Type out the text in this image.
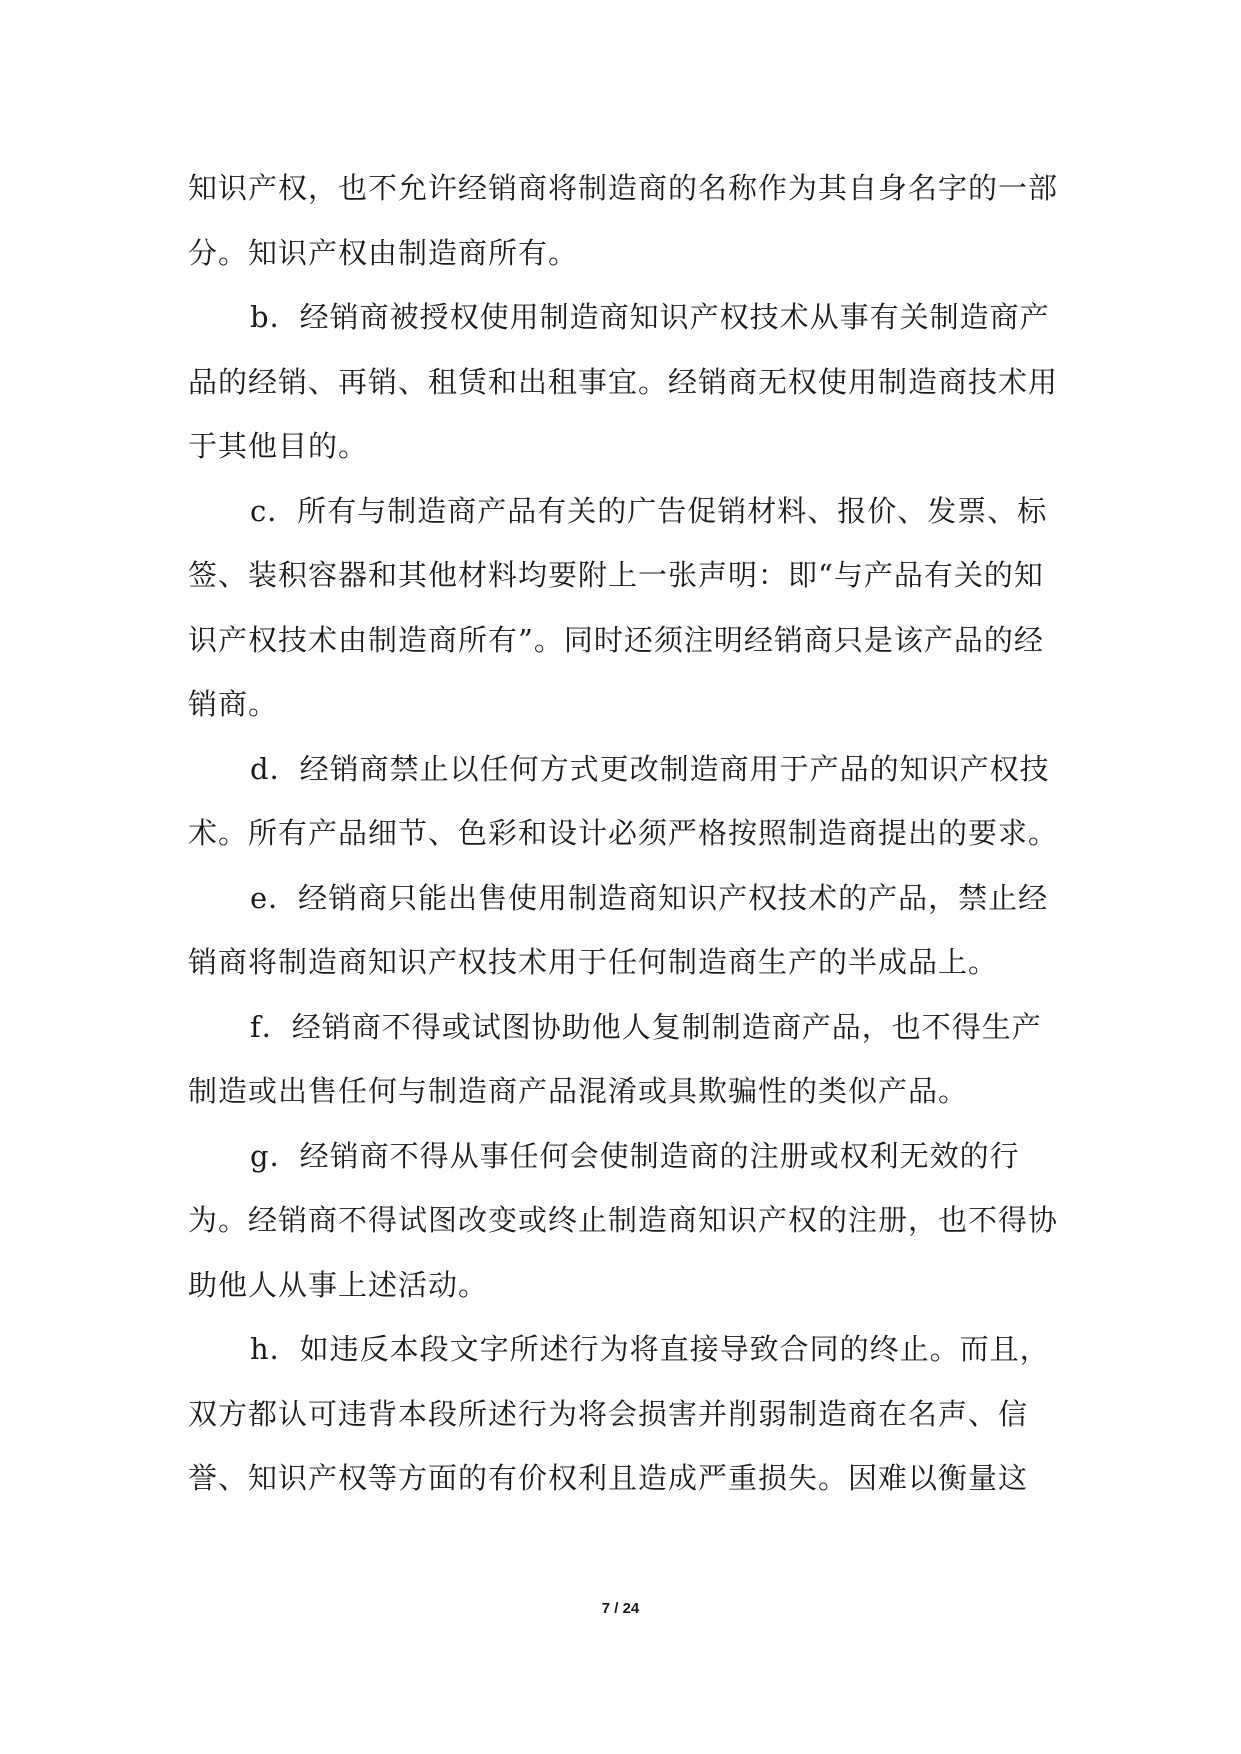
知识产权，也不允许经销商将制造商的名称作为其自身名字的一部分。知识产权由制造商所有。

b．经销商被授权使用制造商知识产权技术从事有关制造商产品的经销、再销、租赁和出租事宜。经销商无权使用制造商技术用于其他目的。

c．所有与制造商产品有关的广告促销材料、报价、发票、标签、装积容器和其他材料均要附上一张声明：即“与产品有关的知识产权技术由制造商所有”。同时还须注明经销商只是该产品的经销商。

d．经销商禁止以任何方式更改制造商用于产品的知识产权技术。所有产品细节、色彩和设计必须严格按照制造商提出的要求。

e．经销商只能出售使用制造商知识产权技术的产品，禁止经销商将制造商知识产权技术用于任何制造商生产的半成品上。

f．经销商不得或试图协助他人复制制造商产品，也不得生产制造或出售任何与制造商产品混淆或具欺骗性的类似产品。

g．经销商不得从事任何会使制造商的注册或权利无效的行为。经销商不得试图改变或终止制造商知识产权的注册，也不得协助他人从事上述活动。

h．如违反本段文字所述行为将直接导致合同的终止。而且，双方都认可违背本段所述行为将会损害并削弱制造商在名声、信誉、知识产权等方面的有价权利且造成严重损失。因难以衡量这

7 / 24
